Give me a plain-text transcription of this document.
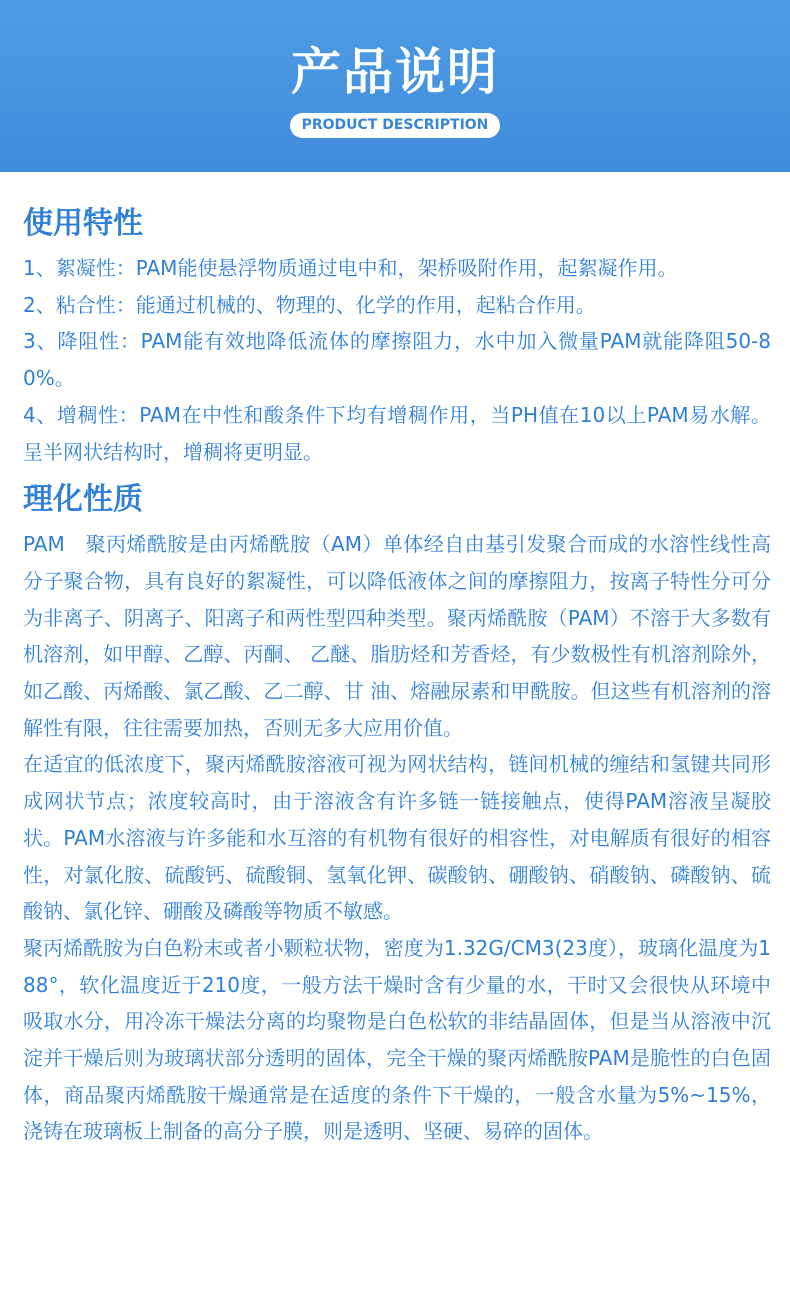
产品说明
PRODUCT DESCRIPTION
使用特性

1、絮凝性：PAM能使悬浮物质通过电中和，架桥吸附作用，起絮凝作用。

2、粘合性：能通过机械的、物理的、化学的作用，起粘合作用。

3、降阻性：PAM能有效地降低流体的摩擦阻力，水中加入微量PAM就能降阻50-80%。

4、增稠性：PAM在中性和酸条件下均有增稠作用，当PH值在10以上PAM易水解。呈半网状结构时，增稠将更明显。

理化性质

PAM　聚丙烯酰胺是由丙烯酰胺（AM）单体经自由基引发聚合而成的水溶性线性高分子聚合物，具有良好的絮凝性，可以降低液体之间的摩擦阻力，按离子特性分可分为非离子、阴离子、阳离子和两性型四种类型。聚丙烯酰胺（PAM）不溶于大多数有机溶剂，如甲醇、乙醇、丙酮、 乙醚、脂肪烃和芳香烃，有少数极性有机溶剂除外，如乙酸、丙烯酸、氯乙酸、乙二醇、甘 油、熔融尿素和甲酰胺。但这些有机溶剂的溶解性有限，往往需要加热，否则无多大应用价值。

在适宜的低浓度下，聚丙烯酰胺溶液可视为网状结构，链间机械的缠结和氢键共同形成网状节点；浓度较高时，由于溶液含有许多链一链接触点，使得PAM溶液呈凝胶状。PAM水溶液与许多能和水互溶的有机物有很好的相容性，对电解质有很好的相容性，对氯化胺、硫酸钙、硫酸铜、氢氧化钾、碳酸钠、硼酸钠、硝酸钠、磷酸钠、硫酸钠、氯化锌、硼酸及磷酸等物质不敏感。

聚丙烯酰胺为白色粉末或者小颗粒状物，密度为1.32G/CM3(23度），玻璃化温度为188°，软化温度近于210度，一般方法干燥时含有少量的水，干时又会很快从环境中吸取水分，用冷冻干燥法分离的均聚物是白色松软的非结晶固体，但是当从溶液中沉淀并干燥后则为玻璃状部分透明的固体，完全干燥的聚丙烯酰胺PAM是脆性的白色固体，商品聚丙烯酰胺干燥通常是在适度的条件下干燥的，一般含水量为5%~15%，浇铸在玻璃板上制备的高分子膜，则是透明、坚硬、易碎的固体。
